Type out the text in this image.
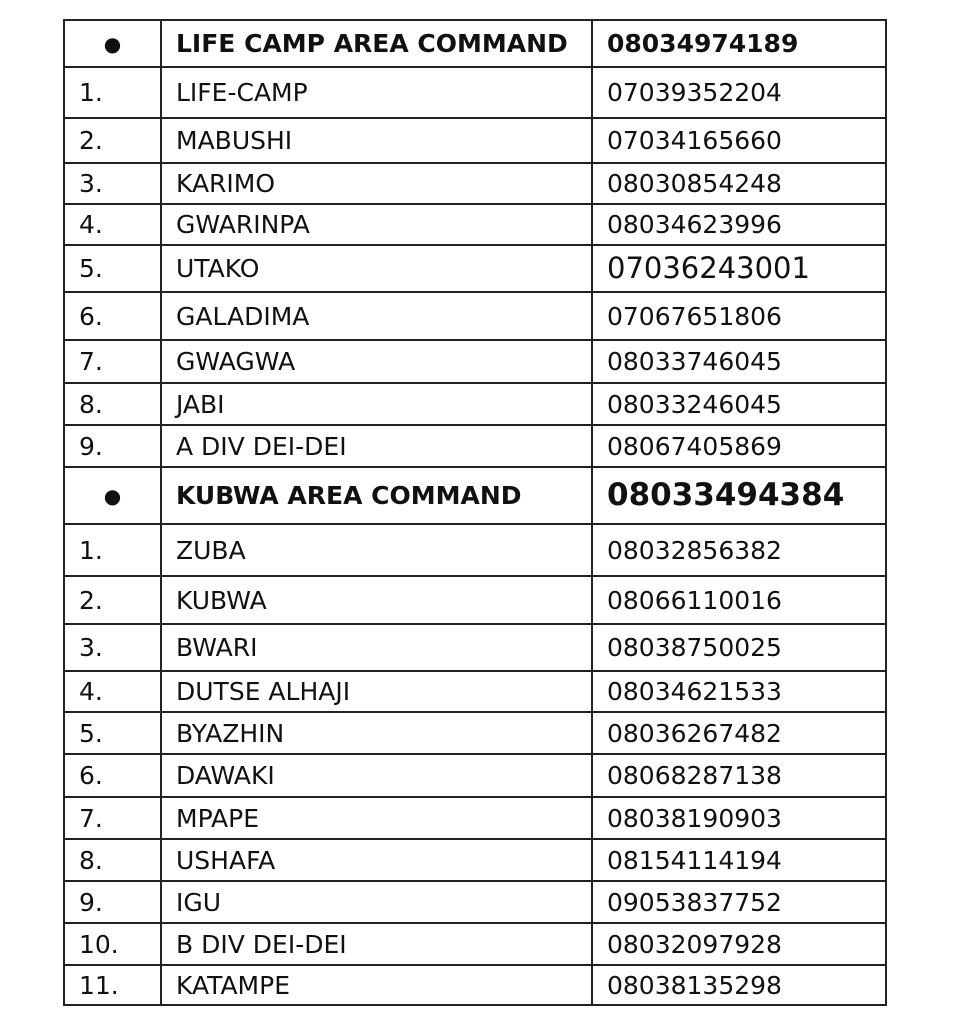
●	LIFE CAMP AREA COMMAND	08034974189
1.	LIFE-CAMP	07039352204
2.	MABUSHI	07034165660
3.	KARIMO	08030854248
4.	GWARINPA	08034623996
5.	UTAKO	07036243001
6.	GALADIMA	07067651806
7.	GWAGWA	08033746045
8.	JABI	08033246045
9.	A DIV DEI-DEI	08067405869
●	KUBWA AREA COMMAND	08033494384
1.	ZUBA	08032856382
2.	KUBWA	08066110016
3.	BWARI	08038750025
4.	DUTSE ALHAJI	08034621533
5.	BYAZHIN	08036267482
6.	DAWAKI	08068287138
7.	MPAPE	08038190903
8.	USHAFA	08154114194
9.	IGU	09053837752
10.	B DIV DEI-DEI	08032097928
11.	KATAMPE	08038135298
